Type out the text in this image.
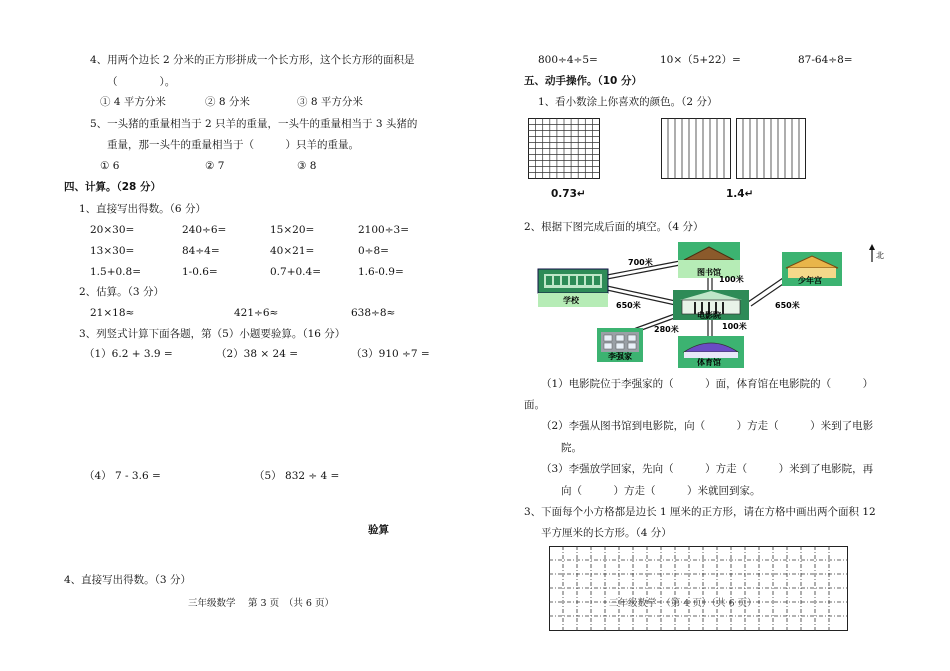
4、用两个边长 2 分米的正方形拼成一个长方形，这个长方形的面积是
（　　　　）。
① 4 平方分米	② 8 分米	③ 8 平方分米
5、一头猪的重量相当于 2 只羊的重量，一头牛的重量相当于 3 头猪的
重量，那一头牛的重量相当于（　　　）只羊的重量。
① 6	② 7	③ 8
四、计算。（28 分）
1、直接写出得数。（6 分）
20×30=	240÷6=	15×20=	2100÷3=
13×30=	84÷4=	40×21=	0÷8=
1.5+0.8=	1-0.6=	0.7+0.4=	1.6-0.9=
2、估算。（3 分）
21×18≈	421÷6≈	638÷8≈
3、列竖式计算下面各题，第（5）小题要验算。（16 分）
（1）6.2 + 3.9 =	（2）38 × 24 =	（3）910 ÷7 =
（4） 7 - 3.6 =	（5） 832 ÷ 4 =
验算
4、直接写出得数。（3 分）
三年级数学　 第 3 页　（共 6 页）
800÷4÷5=	10×（5+22）=	87-64÷8=
五、动手操作。（10 分）
1、看小数涂上你喜欢的颜色。（2 分）
0.73↵	1.4↵
2、根据下图完成后面的填空。（4 分）
学校
图书馆
电影院
少年宫
李强家
体育馆
700米
100米
650米
280米	100米
650米
北
（1）电影院位于李强家的（　　　）面，体育馆在电影院的（　　　）
面。
（2）李强从图书馆到电影院，向（　　　）方走（　　　）米到了电影
院。
（3）李强放学回家，先向（　　　）方走（　　　）米到了电影院，再
向（　　　）方走（　　　）米就回到家。
3、下面每个小方格都是边长 1 厘米的正方形，请在方格中画出两个面积 12
平方厘米的长方形。（4 分）
三年级数学　（第 4 页）（共 6 页）
